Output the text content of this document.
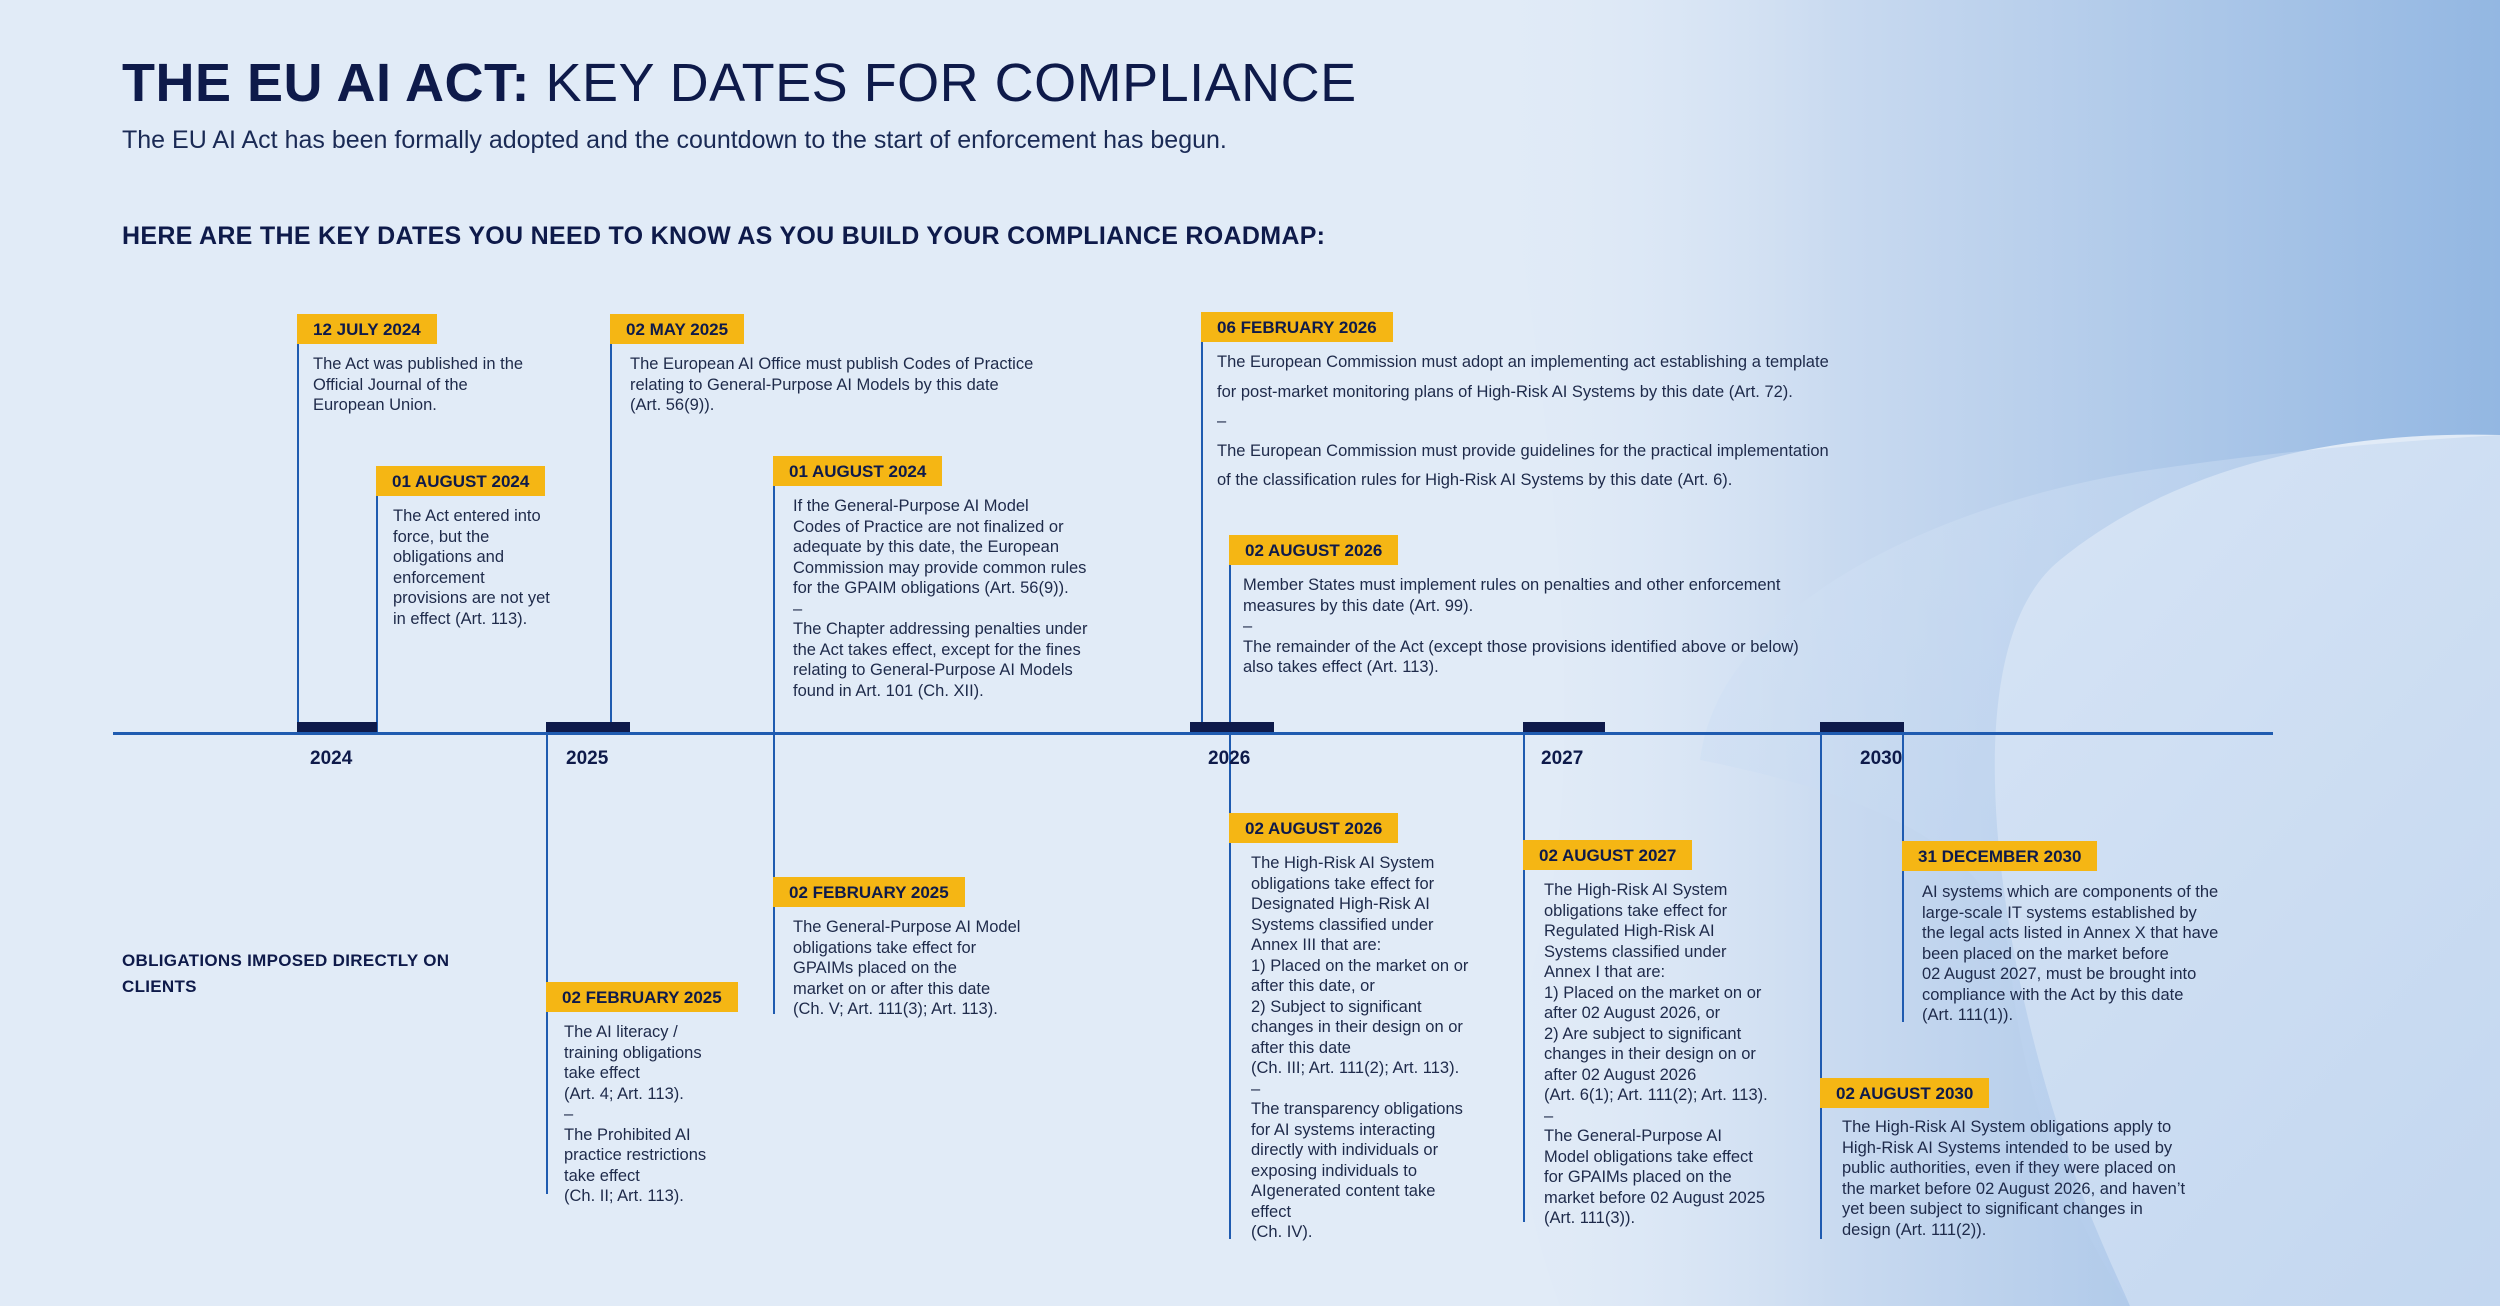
THE EU AI ACT: KEY DATES FOR COMPLIANCE
The EU AI Act has been formally adopted and the countdown to the start of enforcement has begun.
HERE ARE THE KEY DATES YOU NEED TO KNOW AS YOU BUILD YOUR COMPLIANCE ROADMAP:
OBLIGATIONS IMPOSED DIRECTLY ON CLIENTS
2024	2025	2026	2027	2030
12 JULY 2024

The Act was published in the

Official Journal of the

European Union.

01 AUGUST 2024

The Act entered into

force, but the

obligations and

enforcement

provisions are not yet

in effect (Art. 113).

02 MAY 2025

The European AI Office must publish Codes of Practice

relating to General-Purpose AI Models by this date

(Art. 56(9)).

01 AUGUST 2024

If the General-Purpose AI Model

Codes of Practice are not finalized or

adequate by this date, the European

Commission may provide common rules

for the GPAIM obligations (Art. 56(9)).

–

The Chapter addressing penalties under

the Act takes effect, except for the fines

relating to General-Purpose AI Models

found in Art. 101 (Ch. XII).

06 FEBRUARY 2026

The European Commission must adopt an implementing act establishing a template

for post-market monitoring plans of High-Risk AI Systems by this date (Art. 72).

–

The European Commission must provide guidelines for the practical implementation

of the classification rules for High-Risk AI Systems by this date (Art. 6).

02 AUGUST 2026

Member States must implement rules on penalties and other enforcement

measures by this date (Art. 99).

–

The remainder of the Act (except those provisions identified above or below)

also takes effect (Art. 113).

02 FEBRUARY 2025

The AI literacy /

training obligations

take effect

(Art. 4; Art. 113).

–

The Prohibited AI

practice restrictions

take effect

(Ch. II; Art. 113).

02 FEBRUARY 2025

The General-Purpose AI Model

obligations take effect for

GPAIMs placed on the

market on or after this date

(Ch. V; Art. 111(3); Art. 113).

02 AUGUST 2026

The High-Risk AI System

obligations take effect for

Designated High-Risk AI

Systems classified under

Annex III that are:

1) Placed on the market on or

after this date, or

2) Subject to significant

changes in their design on or

after this date

(Ch. III; Art. 111(2); Art. 113).

–

The transparency obligations

for AI systems interacting

directly with individuals or

exposing individuals to

AIgenerated content take

effect

(Ch. IV).

02 AUGUST 2027

The High-Risk AI System

obligations take effect for

Regulated High-Risk AI

Systems classified under

Annex I that are:

1) Placed on the market on or

after 02 August 2026, or

2) Are subject to significant

changes in their design on or

after 02 August 2026

(Art. 6(1); Art. 111(2); Art. 113).

–

The General-Purpose AI

Model obligations take effect

for GPAIMs placed on the

market before 02 August 2025

(Art. 111(3)).

31 DECEMBER 2030

AI systems which are components of the

large-scale IT systems established by

the legal acts listed in Annex X that have

been placed on the market before

02 August 2027, must be brought into

compliance with the Act by this date

(Art. 111(1)).

02 AUGUST 2030

The High-Risk AI System obligations apply to

High-Risk AI Systems intended to be used by

public authorities, even if they were placed on

the market before 02 August 2026, and haven’t

yet been subject to significant changes in

design (Art. 111(2)).
